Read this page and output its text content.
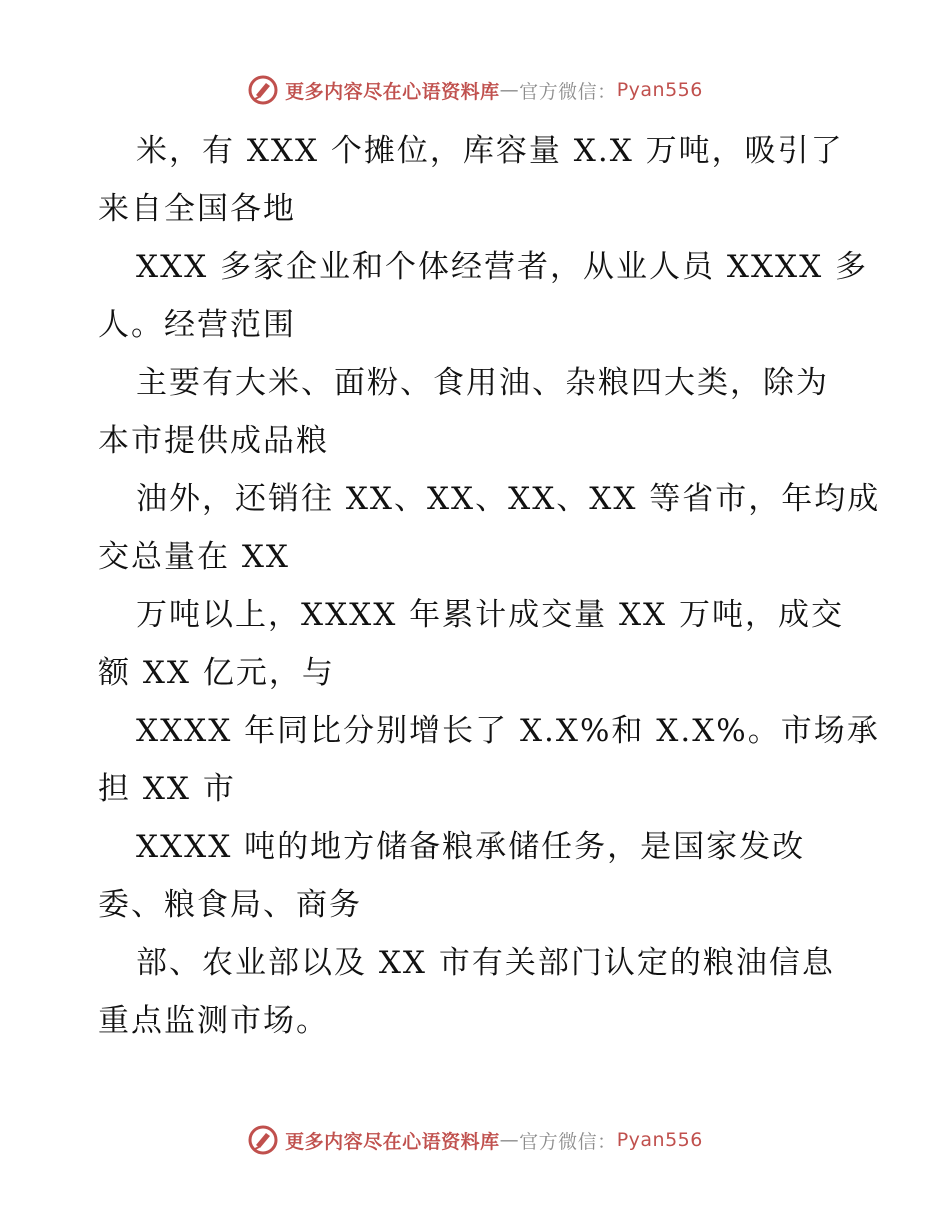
更多内容尽在心语资料库 — 官方微信： Pyan556
米，有 XXX 个摊位，库容量 X.X 万吨，吸引了
来自全国各地
XXX 多家企业和个体经营者，从业人员 XXXX 多
人。经营范围
主要有大米、面粉、食用油、杂粮四大类，除为
本市提供成品粮
油外，还销往 XX、XX、XX、XX 等省市，年均成
交总量在 XX
万吨以上，XXXX 年累计成交量 XX 万吨，成交
额 XX 亿元，与
XXXX 年同比分别增长了 X.X%和 X.X%。市场承
担 XX 市
XXXX 吨的地方储备粮承储任务，是国家发改
委、粮食局、商务
部、农业部以及 XX 市有关部门认定的粮油信息
重点监测市场。
更多内容尽在心语资料库 — 官方微信： Pyan556
